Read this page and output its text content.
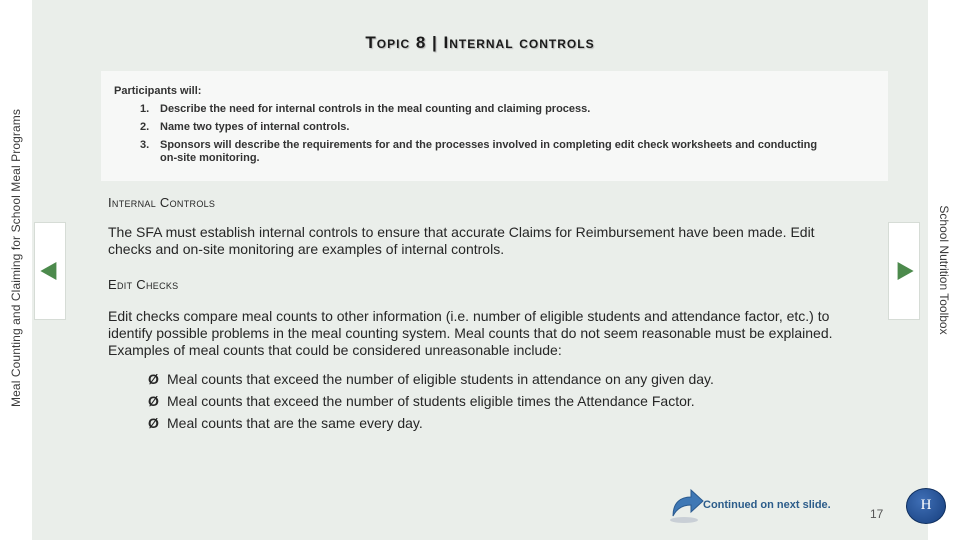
Meal Counting and Claiming for School Meal Programs	School Nutrition Toolbox
Topic 8 | Internal controls
Participants will:
1. Describe the need for internal controls in the meal counting and claiming process.
2. Name two types of internal controls.
3. Sponsors will describe the requirements for and the processes involved in completing edit check worksheets and conducting on-site monitoring.
Internal Controls
The SFA must establish internal controls to ensure that accurate Claims for Reimbursement have been made. Edit checks and on-site monitoring are examples of internal controls.
Edit Checks
Edit checks compare meal counts to other information (i.e. number of eligible students and attendance factor, etc.) to identify possible problems in the meal counting system. Meal counts that do not seem reasonable must be explained. Examples of meal counts that could be considered unreasonable include:
Ø Meal counts that exceed the number of eligible students in attendance on any given day.
Ø Meal counts that exceed the number of students eligible times the Attendance Factor.
Ø Meal counts that are the same every day.
Continued on next slide.
17
H
